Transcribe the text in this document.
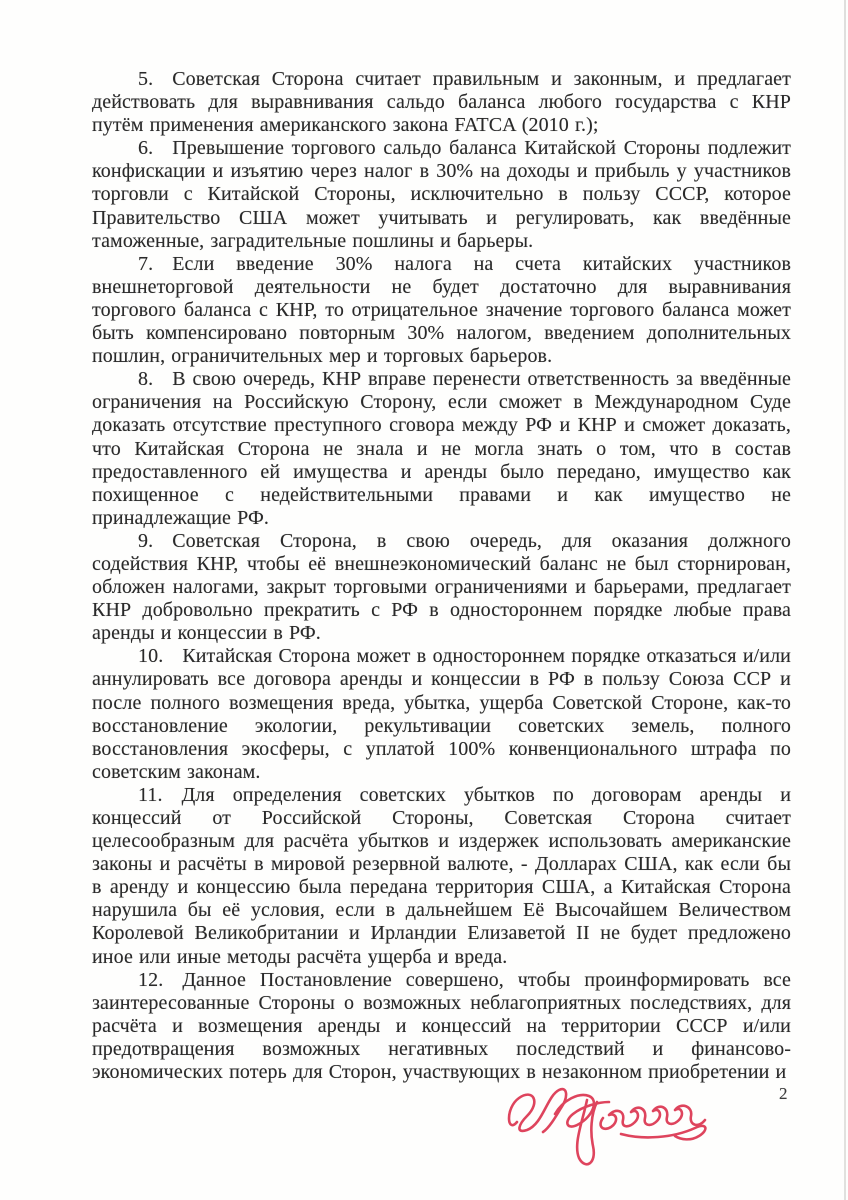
5. Советская Сторона считает правильным и законным, и предлагает действовать для выравнивания сальдо баланса любого государства с КНР путём применения американского закона FATCA (2010 г.);

6. Превышение торгового сальдо баланса Китайской Стороны подлежит конфискации и изъятию через налог в 30% на доходы и прибыль у участников торговли с Китайской Стороны, исключительно в пользу СССР, которое Правительство США может учитывать и регулировать, как введённые таможенные, заградительные пошлины и барьеры.

7. Если введение 30% налога на счета китайских участников внешнеторговой деятельности не будет достаточно для выравнивания торгового баланса с КНР, то отрицательное значение торгового баланса может быть компенсировано повторным 30% налогом, введением дополнительных пошлин, ограничительных мер и торговых барьеров.

8. В свою очередь, КНР вправе перенести ответственность за введённые ограничения на Российскую Сторону, если сможет в Международном Суде доказать отсутствие преступного сговора между РФ и КНР и сможет доказать, что Китайская Сторона не знала и не могла знать о том, что в состав предоставленного ей имущества и аренды было передано, имущество как похищенное с недействительными правами и как имущество не принадлежащие РФ.

9. Советская Сторона, в свою очередь, для оказания должного содействия КНР, чтобы её внешнеэкономический баланс не был сторнирован, обложен налогами, закрыт торговыми ограничениями и барьерами, предлагает КНР добровольно прекратить с РФ в одностороннем порядке любые права аренды и концессии в РФ.

10. Китайская Сторона может в одностороннем порядке отказаться и/или аннулировать все договора аренды и концессии в РФ в пользу Союза ССР и после полного возмещения вреда, убытка, ущерба Советской Стороне, как-то восстановление экологии, рекультивации советских земель, полного восстановления экосферы, с уплатой 100% конвенционального штрафа по советским законам.

11. Для определения советских убытков по договорам аренды и концессий от Российской Стороны, Советская Сторона считает целесообразным для расчёта убытков и издержек использовать американские законы и расчёты в мировой резервной валюте, - Долларах США, как если бы в аренду и концессию была передана территория США, а Китайская Сторона нарушила бы её условия, если в дальнейшем Её Высочайшем Величеством Королевой Великобритании и Ирландии Елизаветой II не будет предложено иное или иные методы расчёта ущерба и вреда.

12. Данное Постановление совершено, чтобы проинформировать все заинтересованные Стороны о возможных неблагоприятных последствиях, для расчёта и возмещения аренды и концессий на территории СССР и/или предотвращения возможных негативных последствий и финансово-экономических потерь для Сторон, участвующих в незаконном приобретении и

2
